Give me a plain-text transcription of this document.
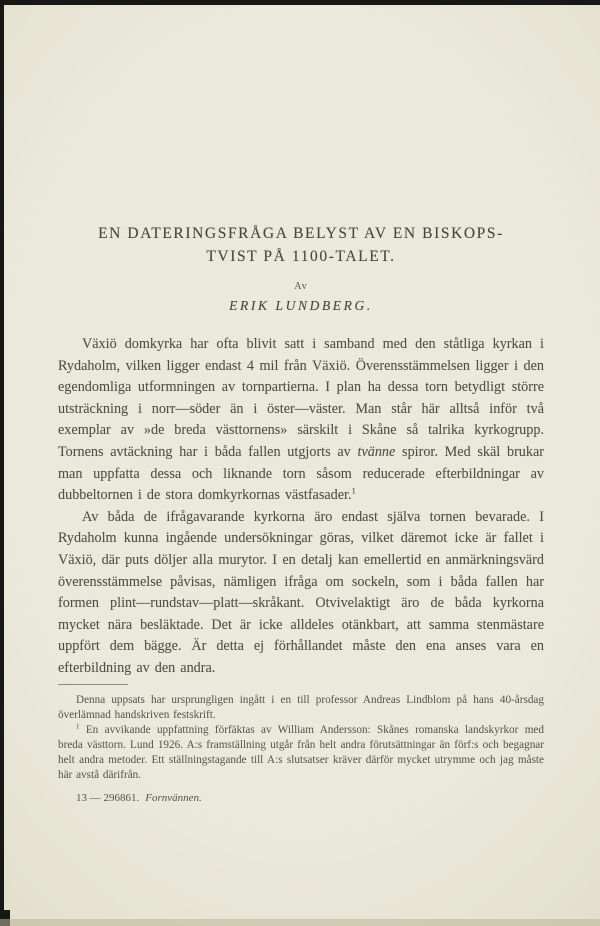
EN DATERINGSFRÅGA BELYST AV EN BISKOPS-
TVIST PÅ 1100-TALET.
Av
ERIK LUNDBERG.

Växiö domkyrka har ofta blivit satt i samband med den ståtliga kyrkan i Rydaholm, vilken ligger endast 4 mil från Växiö. Överensstämmelsen ligger i den egendomliga utformningen av tornpartierna. I plan ha dessa torn betydligt större utsträckning i norr—söder än i öster—väster. Man står här alltså inför två exemplar av »de breda västtornens» särskilt i Skåne så talrika kyrkogrupp. Tornens avtäckning har i båda fallen utgjorts av tvänne spiror. Med skäl brukar man uppfatta dessa och liknande torn såsom reducerade efterbildningar av dubbeltornen i de stora domkyrkornas västfasader.$^1$

Av båda de ifrågavarande kyrkorna äro endast själva tornen bevarade. I Rydaholm kunna ingående undersökningar göras, vilket däremot icke är fallet i Växiö, där puts döljer alla murytor. I en detalj kan emellertid en anmärkningsvärd överensstämmelse påvisas, nämligen ifråga om sockeln, som i båda fallen har formen plint—rundstav—platt—skråkant. Otvivelaktigt äro de båda kyrkorna mycket nära besläktade. Det är icke alldeles otänkbart, att samma stenmästare uppfört dem bägge. Är detta ej förhållandet måste den ena anses vara en efterbildning av den andra.

Denna uppsats har ursprungligen ingått i en till professor Andreas Lindblom på hans 40-årsdag överlämnad handskriven festskrift.

$^1$ En avvikande uppfattning förfäktas av William Andersson: Skånes romanska landskyrkor med breda västtorn. Lund 1926. A:s framställning utgår från helt andra förutsättningar än förf:s och begagnar helt andra metoder. Ett ställningstagande till A:s slutsatser kräver därför mycket utrymme och jag måste här avstå därifrån.

13 — 296861. Fornvännen.
